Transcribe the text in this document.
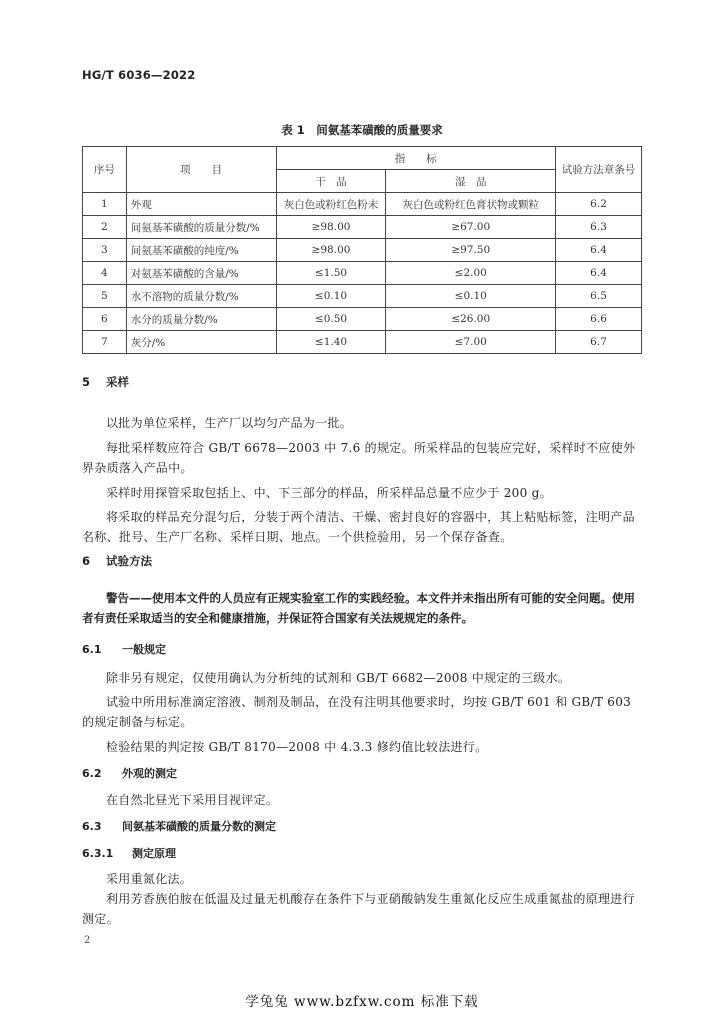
HG/T 6036—2022
表 1　间氨基苯磺酸的质量要求
序号	项　　目	指　　标		试验方法章条号
		干　品	湿　品	
1	外观	灰白色或粉红色粉末	灰白色或粉红色膏状物或颗粒	6.2
2	间氨基苯磺酸的质量分数/%	≥98.00	≥67.00	6.3
3	间氨基苯磺酸的纯度/%	≥98.00	≥97.50	6.4
4	对氨基苯磺酸的含量/%	≤1.50	≤2.00	6.4
5	水不溶物的质量分数/%	≤0.10	≤0.10	6.5
6	水分的质量分数/%	≤0.50	≤26.00	6.6
7	灰分/%	≤1.40	≤7.00	6.7
5 采样
以批为单位采样，生产厂以均匀产品为一批。
每批采样数应符合 GB/T 6678—2003 中 7.6 的规定。所采样品的包装应完好，采样时不应使外界杂质落入产品中。
采样时用探管采取包括上、中、下三部分的样品，所采样品总量不应少于 200 g。
将采取的样品充分混匀后，分装于两个清洁、干燥、密封良好的容器中，其上粘贴标签，注明产品名称、批号、生产厂名称、采样日期、地点。一个供检验用，另一个保存备查。
6 试验方法
警告——使用本文件的人员应有正规实验室工作的实践经验。本文件并未指出所有可能的安全问题。使用者有责任采取适当的安全和健康措施，并保证符合国家有关法规规定的条件。
6.1 一般规定
除非另有规定，仅使用确认为分析纯的试剂和 GB/T 6682—2008 中规定的三级水。
试验中所用标准滴定溶液、制剂及制品，在没有注明其他要求时，均按 GB/T 601 和 GB/T 603 的规定制备与标定。
检验结果的判定按 GB/T 8170—2008 中 4.3.3 修约值比较法进行。
6.2 外观的测定
在自然北昼光下采用目视评定。
6.3 间氨基苯磺酸的质量分数的测定
6.3.1 测定原理
采用重氮化法。
利用芳香族伯胺在低温及过量无机酸存在条件下与亚硝酸钠发生重氮化反应生成重氮盐的原理进行测定。
2
学兔兔 www.bzfxw.com 标准下载
